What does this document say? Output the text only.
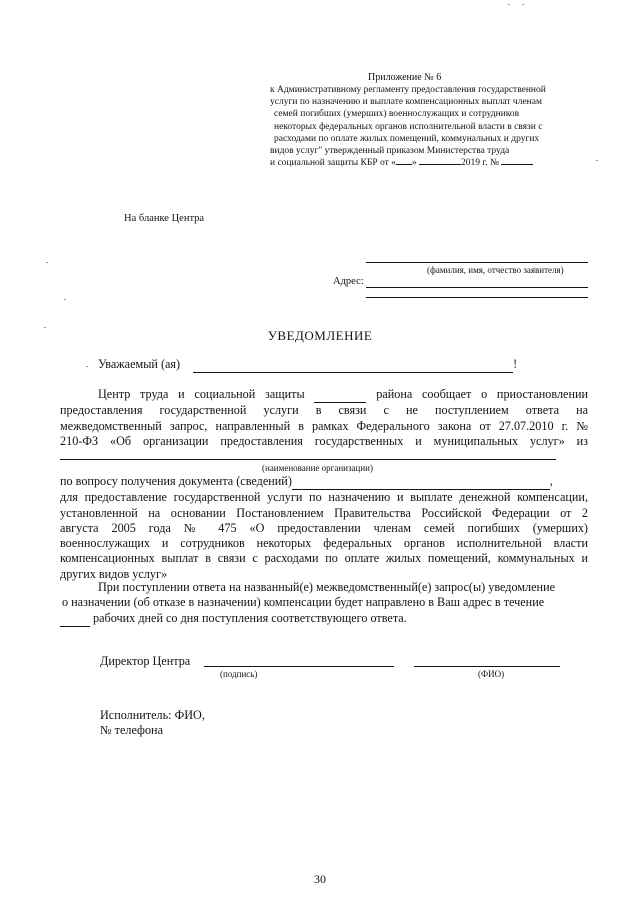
Приложение № 6
к Административному регламенту предоставления государственной
услуги по назначению и выплате компенсационных выплат членам
семей погибших (умерших) военнослужащих и сотрудников
некоторых федеральных органов исполнительной власти в связи с
расходами по оплате жилых помещений, коммунальных и других
видов услуг" утвержденный приказом Министерства труда
и социальной защиты КБР от « »	2019 г. №
На бланке Центра
(фамилия, имя, отчество заявителя)
Адрес:
УВЕДОМЛЕНИЕ
Уважаемый (ая)	!
Центр труда и социальной защиты	района сообщает о приостановлении
предоставления государственной услуги в связи с не поступлением ответа на
межведомственный запрос, направленный в рамках Федерального закона от 27.07.2010 г. №
210-ФЗ «Об организации предоставления государственных и муниципальных услуг» из
(наименование организации)
по вопросу получения документа (сведений)	,
для предоставление государственной услуги по назначению и выплате денежной компенсации,
установленной на основании Постановлением Правительства Российской Федерации от 2
августа 2005 года № 475 «О предоставлении членам семей погибших (умерших)
военнослужащих и сотрудников некоторых федеральных органов исполнительной власти
компенсационных выплат в связи с расходами по оплате жилых помещений, коммунальных и
других видов услуг»
При поступлении ответа на названный(е) межведомственный(е) запрос(ы) уведомление
о назначении (об отказе в назначении) компенсации будет направлено в Ваш адрес в течение
рабочих дней со дня поступления соответствующего ответа.
Директор Центра
(подпись)	(ФИО)
Исполнитель: ФИО,
№ телефона
30
